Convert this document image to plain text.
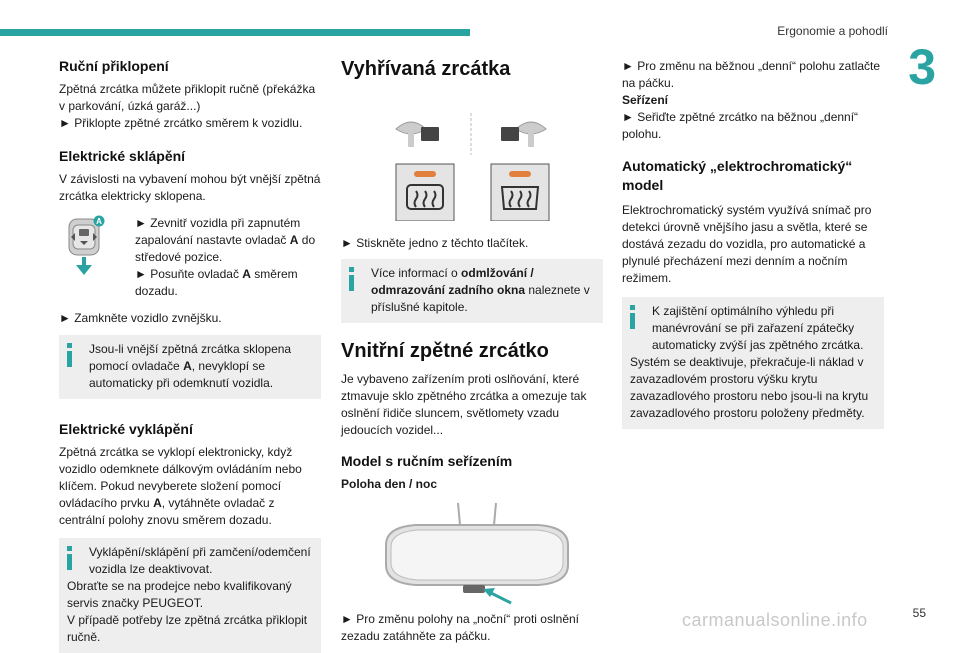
Ergonomie a pohodlí
3
Ruční přiklopení

Zpětná zrcátka můžete přiklopit ručně (překážka v parkování, úzká garáž...)

► Přiklopte zpětné zrcátko směrem k vozidlu.

Elektrické sklápění

V závislosti na vybavení mohou být vnější zpětná zrcátka elektricky sklopena.

A	► Zevnitř vozidla při zapnutém zapalování nastavte ovladač A do středové pozice.

► Posuňte ovladač A směrem dozadu.

► Zamkněte vozidlo zvnějšku.

Jsou-li vnější zpětná zrcátka sklopena pomocí ovladače A, nevyklopí se automaticky při odemknutí vozidla.

Elektrické vyklápění

Zpětná zrcátka se vyklopí elektronicky, když vozidlo odemknete dálkovým ovládáním nebo klíčem. Pokud nevyberete složení pomocí ovládacího prvku A, vytáhněte ovladač z centrální polohy znovu směrem dozadu.

Vyklápění/sklápění při zamčení/odemčení vozidla lze deaktivovat.

Obraťte se na prodejce nebo kvalifikovaný servis značky PEUGEOT.

V případě potřeby lze zpětná zrcátka přiklopit ručně.

Vyhřívaná zrcátka

► Stiskněte jedno z těchto tlačítek.

Více informací o odmlžování / odmrazování zadního okna naleznete v příslušné kapitole.

Vnitřní zpětné zrcátko

Je vybaveno zařízením proti oslňování, které ztmavuje sklo zpětného zrcátka a omezuje tak oslnění řidiče sluncem, světlomety vzadu jedoucích vozidel...

Model s ručním seřízením

Poloha den / noc

► Pro změnu polohy na „noční“ proti oslnění zezadu zatáhněte za páčku.

► Pro změnu na běžnou „denní“ polohu zatlačte na páčku.

Seřízení

► Seřiďte zpětné zrcátko na běžnou „denní“ polohu.

Automatický „elektrochromatický“ model

Elektrochromatický systém využívá snímač pro detekci úrovně vnějšího jasu a světla, které se dostává zezadu do vozidla, pro automatické a plynulé přecházení mezi denním a nočním režimem.

K zajištění optimálního výhledu při manévrování se při zařazení zpátečky automaticky zvýší jas zpětného zrcátka.

Systém se deaktivuje, překračuje-li náklad v zavazadlovém prostoru výšku krytu zavazadlového prostoru nebo jsou-li na krytu zavazadlového prostoru položeny předměty.

55
carmanualsonline.info
